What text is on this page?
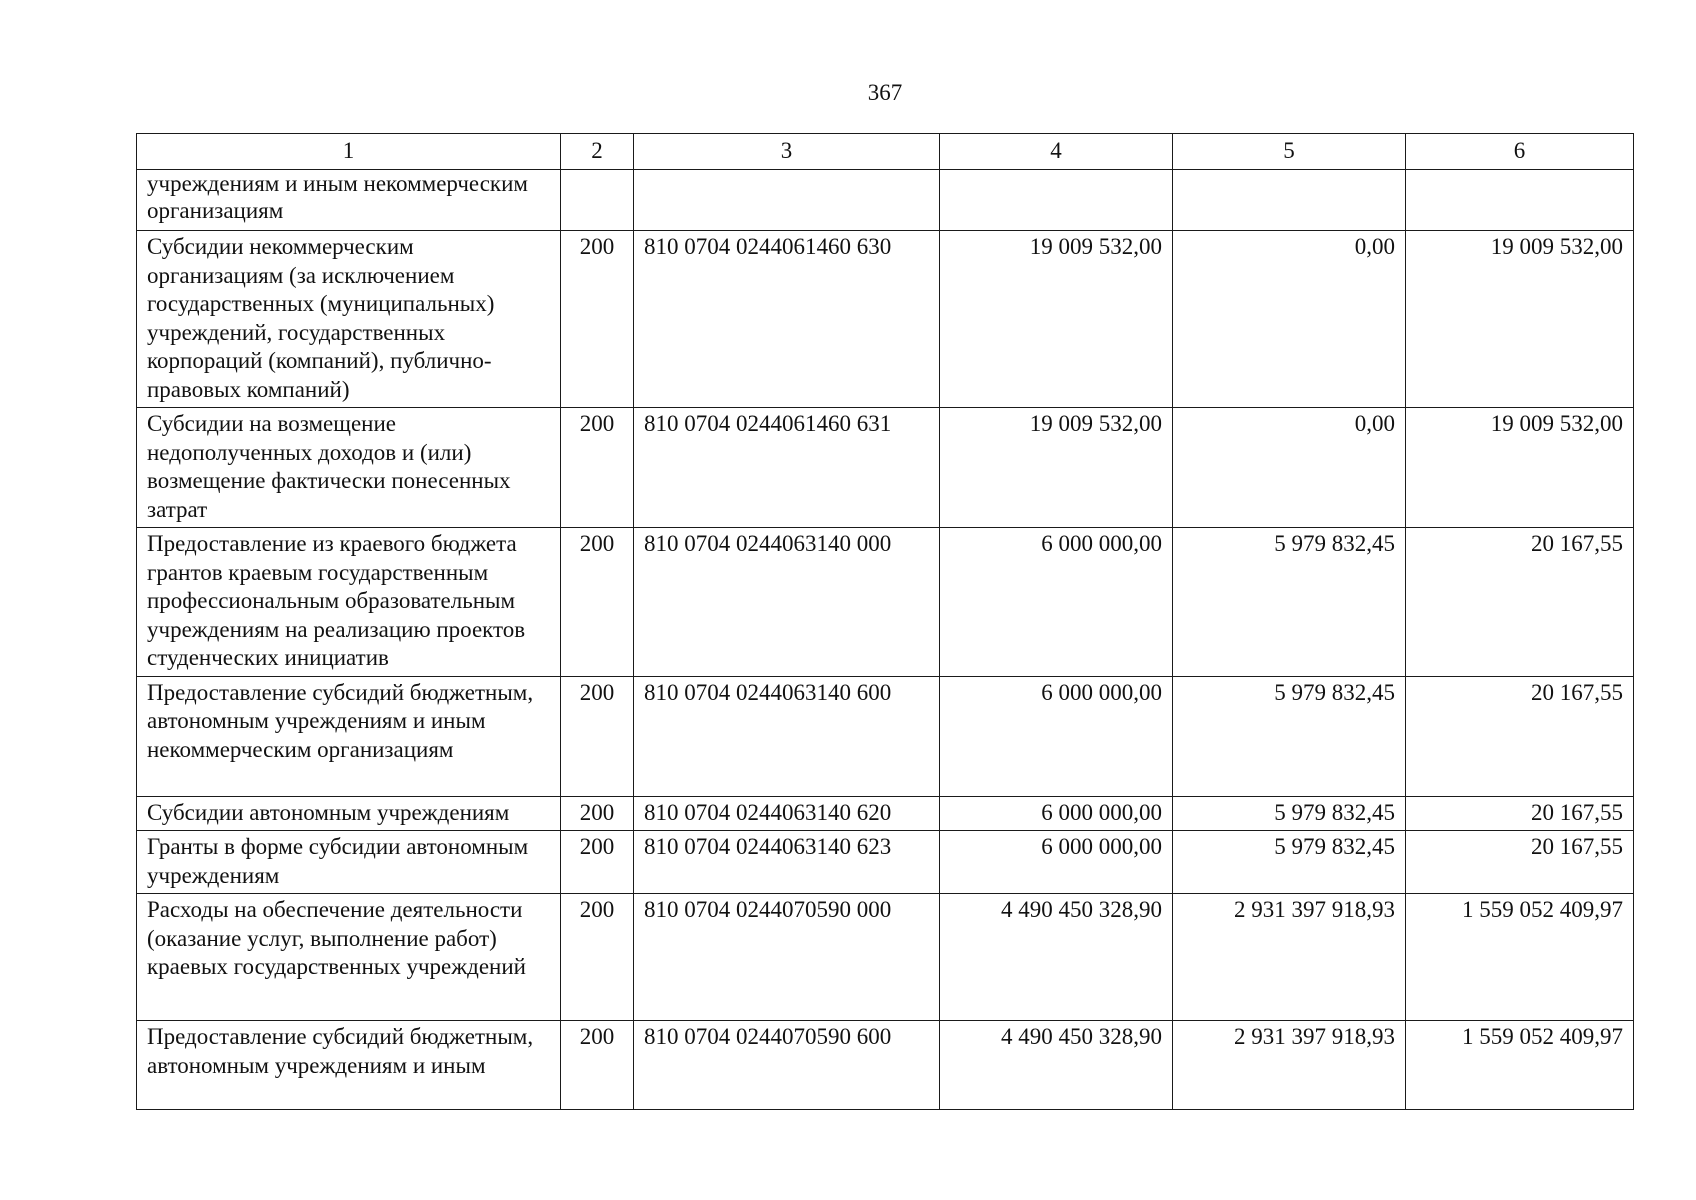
367
1	2	3	4	5	6
учреждениям и иным некоммерческим организациям					
Субсидии некоммерческим организациям (за исключением государственных (муниципальных) учреждений, государственных корпораций (компаний), публично-правовых компаний)	200	810 0704 0244061460 630	19 009 532,00	0,00	19 009 532,00
Субсидии на возмещение недополученных доходов и (или) возмещение фактически понесенных затрат	200	810 0704 0244061460 631	19 009 532,00	0,00	19 009 532,00
Предоставление из краевого бюджета грантов краевым государственным профессиональным образовательным учреждениям на реализацию проектов студенческих инициатив	200	810 0704 0244063140 000	6 000 000,00	5 979 832,45	20 167,55
Предоставление субсидий бюджетным, автономным учреждениям и иным некоммерческим организациям	200	810 0704 0244063140 600	6 000 000,00	5 979 832,45	20 167,55
Субсидии автономным учреждениям	200	810 0704 0244063140 620	6 000 000,00	5 979 832,45	20 167,55
Гранты в форме субсидии автономным учреждениям	200	810 0704 0244063140 623	6 000 000,00	5 979 832,45	20 167,55
Расходы на обеспечение деятельности (оказание услуг, выполнение работ) краевых государственных учреждений	200	810 0704 0244070590 000	4 490 450 328,90	2 931 397 918,93	1 559 052 409,97
Предоставление субсидий бюджетным, автономным учреждениям и иным	200	810 0704 0244070590 600	4 490 450 328,90	2 931 397 918,93	1 559 052 409,97
